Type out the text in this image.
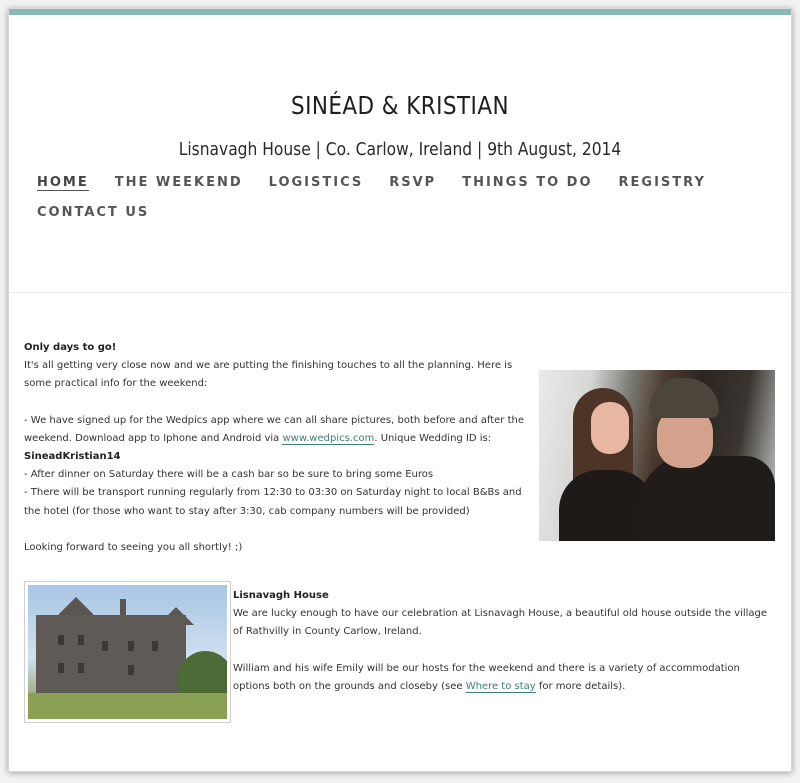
SINÉAD & KRISTIAN
Lisnavagh House | Co. Carlow, Ireland | 9th August, 2014
HOME THE WEEKEND LOGISTICS RSVP THINGS TO DO REGISTRY
CONTACT US

Only days to go!

It's all getting very close now and we are putting the finishing touches to all the planning. Here is some practical info for the weekend:

- We have signed up for the Wedpics app where we can all share pictures, both before and after the weekend. Download app to Iphone and Android via www.wedpics.com. Unique Wedding ID is: SineadKristian14

- After dinner on Saturday there will be a cash bar so be sure to bring some Euros

- There will be transport running regularly from 12:30 to 03:30 on Saturday night to local B&Bs and the hotel (for those who want to stay after 3:30, cab company numbers will be provided)

Looking forward to seeing you all shortly! ;)

Lisnavagh House

We are lucky enough to have our celebration at Lisnavagh House, a beautiful old house outside the village of Rathvilly in County Carlow, Ireland.

William and his wife Emily will be our hosts for the weekend and there is a variety of accommodation options both on the grounds and closeby (see Where to stay for more details).
